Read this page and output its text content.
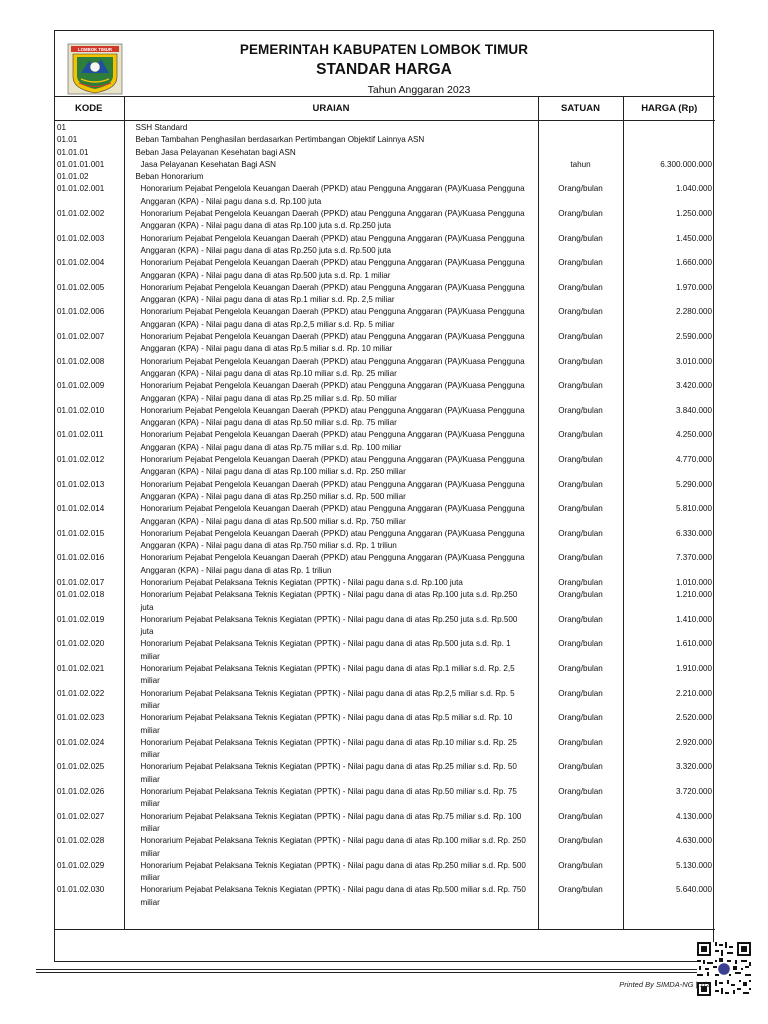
LOMBOK TIMUR	PEMERINTAH KABUPATEN LOMBOK TIMUR
STANDAR HARGA
Tahun Anggaran 2023
KODE	URAIAN	SATUAN	HARGA (Rp)
01	SSH Standard		
01.01	Beban Tambahan Penghasilan berdasarkan Pertimbangan Objektif Lainnya ASN		
01.01.01	Beban Jasa Pelayanan Kesehatan bagi ASN		
01.01.01.001	Jasa Pelayanan Kesehatan Bagi ASN	tahun	6.300.000.000
01.01.02	Beban Honorarium		
01.01.02.001	Honorarium Pejabat Pengelola Keuangan Daerah (PPKD) atau Pengguna Anggaran (PA)/Kuasa Pengguna Anggaran (KPA) - Nilai pagu dana s.d. Rp.100 juta	Orang/bulan	1.040.000
01.01.02.002	Honorarium Pejabat Pengelola Keuangan Daerah (PPKD) atau Pengguna Anggaran (PA)/Kuasa Pengguna Anggaran (KPA) - Nilai pagu dana di atas Rp.100 juta s.d. Rp.250 juta	Orang/bulan	1.250.000
01.01.02.003	Honorarium Pejabat Pengelola Keuangan Daerah (PPKD) atau Pengguna Anggaran (PA)/Kuasa Pengguna Anggaran (KPA) - Nilai pagu dana di atas Rp.250 juta s.d. Rp.500 juta	Orang/bulan	1.450.000
01.01.02.004	Honorarium Pejabat Pengelola Keuangan Daerah (PPKD) atau Pengguna Anggaran (PA)/Kuasa Pengguna Anggaran (KPA) - Nilai pagu dana di atas Rp.500 juta s.d. Rp. 1 miliar	Orang/bulan	1.660.000
01.01.02.005	Honorarium Pejabat Pengelola Keuangan Daerah (PPKD) atau Pengguna Anggaran (PA)/Kuasa Pengguna Anggaran (KPA) - Nilai pagu dana di atas Rp.1 miliar s.d. Rp. 2,5 miliar	Orang/bulan	1.970.000
01.01.02.006	Honorarium Pejabat Pengelola Keuangan Daerah (PPKD) atau Pengguna Anggaran (PA)/Kuasa Pengguna Anggaran (KPA) - Nilai pagu dana di atas Rp.2,5 miliar s.d. Rp. 5 miliar	Orang/bulan	2.280.000
01.01.02.007	Honorarium Pejabat Pengelola Keuangan Daerah (PPKD) atau Pengguna Anggaran (PA)/Kuasa Pengguna Anggaran (KPA) - Nilai pagu dana di atas Rp.5 miliar s.d. Rp. 10 miliar	Orang/bulan	2.590.000
01.01.02.008	Honorarium Pejabat Pengelola Keuangan Daerah (PPKD) atau Pengguna Anggaran (PA)/Kuasa Pengguna Anggaran (KPA) - Nilai pagu dana di atas Rp.10 miliar s.d. Rp. 25 miliar	Orang/bulan	3.010.000
01.01.02.009	Honorarium Pejabat Pengelola Keuangan Daerah (PPKD) atau Pengguna Anggaran (PA)/Kuasa Pengguna Anggaran (KPA) - Nilai pagu dana di atas Rp.25 miliar s.d. Rp. 50 miliar	Orang/bulan	3.420.000
01.01.02.010	Honorarium Pejabat Pengelola Keuangan Daerah (PPKD) atau Pengguna Anggaran (PA)/Kuasa Pengguna Anggaran (KPA) - Nilai pagu dana di atas Rp.50 miliar s.d. Rp. 75 miliar	Orang/bulan	3.840.000
01.01.02.011	Honorarium Pejabat Pengelola Keuangan Daerah (PPKD) atau Pengguna Anggaran (PA)/Kuasa Pengguna Anggaran (KPA) - Nilai pagu dana di atas Rp.75 miliar s.d. Rp. 100 miliar	Orang/bulan	4.250.000
01.01.02.012	Honorarium Pejabat Pengelola Keuangan Daerah (PPKD) atau Pengguna Anggaran (PA)/Kuasa Pengguna Anggaran (KPA) - Nilai pagu dana di atas Rp.100 miliar s.d. Rp. 250 miliar	Orang/bulan	4.770.000
01.01.02.013	Honorarium Pejabat Pengelola Keuangan Daerah (PPKD) atau Pengguna Anggaran (PA)/Kuasa Pengguna Anggaran (KPA) - Nilai pagu dana di atas Rp.250 miliar s.d. Rp. 500 miliar	Orang/bulan	5.290.000
01.01.02.014	Honorarium Pejabat Pengelola Keuangan Daerah (PPKD) atau Pengguna Anggaran (PA)/Kuasa Pengguna Anggaran (KPA) - Nilai pagu dana di atas Rp.500 miliar s.d. Rp. 750 miliar	Orang/bulan	5.810.000
01.01.02.015	Honorarium Pejabat Pengelola Keuangan Daerah (PPKD) atau Pengguna Anggaran (PA)/Kuasa Pengguna Anggaran (KPA) - Nilai pagu dana di atas Rp.750 miliar s.d. Rp. 1 triliun	Orang/bulan	6.330.000
01.01.02.016	Honorarium Pejabat Pengelola Keuangan Daerah (PPKD) atau Pengguna Anggaran (PA)/Kuasa Pengguna Anggaran (KPA) - Nilai pagu dana di atas Rp. 1 triliun	Orang/bulan	7.370.000
01.01.02.017	Honorarium Pejabat Pelaksana Teknis Kegiatan (PPTK) - Nilai pagu dana s.d. Rp.100 juta	Orang/bulan	1.010.000
01.01.02.018	Honorarium Pejabat Pelaksana Teknis Kegiatan (PPTK) - Nilai pagu dana di atas Rp.100 juta s.d. Rp.250 juta	Orang/bulan	1.210.000
01.01.02.019	Honorarium Pejabat Pelaksana Teknis Kegiatan (PPTK) - Nilai pagu dana di atas Rp.250 juta s.d. Rp.500 juta	Orang/bulan	1.410.000
01.01.02.020	Honorarium Pejabat Pelaksana Teknis Kegiatan (PPTK) - Nilai pagu dana di atas Rp.500 juta s.d. Rp. 1 miliar	Orang/bulan	1.610.000
01.01.02.021	Honorarium Pejabat Pelaksana Teknis Kegiatan (PPTK) - Nilai pagu dana di atas Rp.1 miliar s.d. Rp. 2,5 miliar	Orang/bulan	1.910.000
01.01.02.022	Honorarium Pejabat Pelaksana Teknis Kegiatan (PPTK) - Nilai pagu dana di atas Rp.2,5 miliar s.d. Rp. 5 miliar	Orang/bulan	2.210.000
01.01.02.023	Honorarium Pejabat Pelaksana Teknis Kegiatan (PPTK) - Nilai pagu dana di atas Rp.5 miliar s.d. Rp. 10 miliar	Orang/bulan	2.520.000
01.01.02.024	Honorarium Pejabat Pelaksana Teknis Kegiatan (PPTK) - Nilai pagu dana di atas Rp.10 miliar s.d. Rp. 25 miliar	Orang/bulan	2.920.000
01.01.02.025	Honorarium Pejabat Pelaksana Teknis Kegiatan (PPTK) - Nilai pagu dana di atas Rp.25 miliar s.d. Rp. 50 miliar	Orang/bulan	3.320.000
01.01.02.026	Honorarium Pejabat Pelaksana Teknis Kegiatan (PPTK) - Nilai pagu dana di atas Rp.50 miliar s.d. Rp. 75 miliar	Orang/bulan	3.720.000
01.01.02.027	Honorarium Pejabat Pelaksana Teknis Kegiatan (PPTK) - Nilai pagu dana di atas Rp.75 miliar s.d. Rp. 100 miliar	Orang/bulan	4.130.000
01.01.02.028	Honorarium Pejabat Pelaksana Teknis Kegiatan (PPTK) - Nilai pagu dana di atas Rp.100 miliar s.d. Rp. 250 miliar	Orang/bulan	4.630.000
01.01.02.029	Honorarium Pejabat Pelaksana Teknis Kegiatan (PPTK) - Nilai pagu dana di atas Rp.250 miliar s.d. Rp. 500 miliar	Orang/bulan	5.130.000
01.01.02.030	Honorarium Pejabat Pelaksana Teknis Kegiatan (PPTK) - Nilai pagu dana di atas Rp.500 miliar s.d. Rp. 750 miliar	Orang/bulan	5.640.000

Printed By SIMDA-NG | 1/2
